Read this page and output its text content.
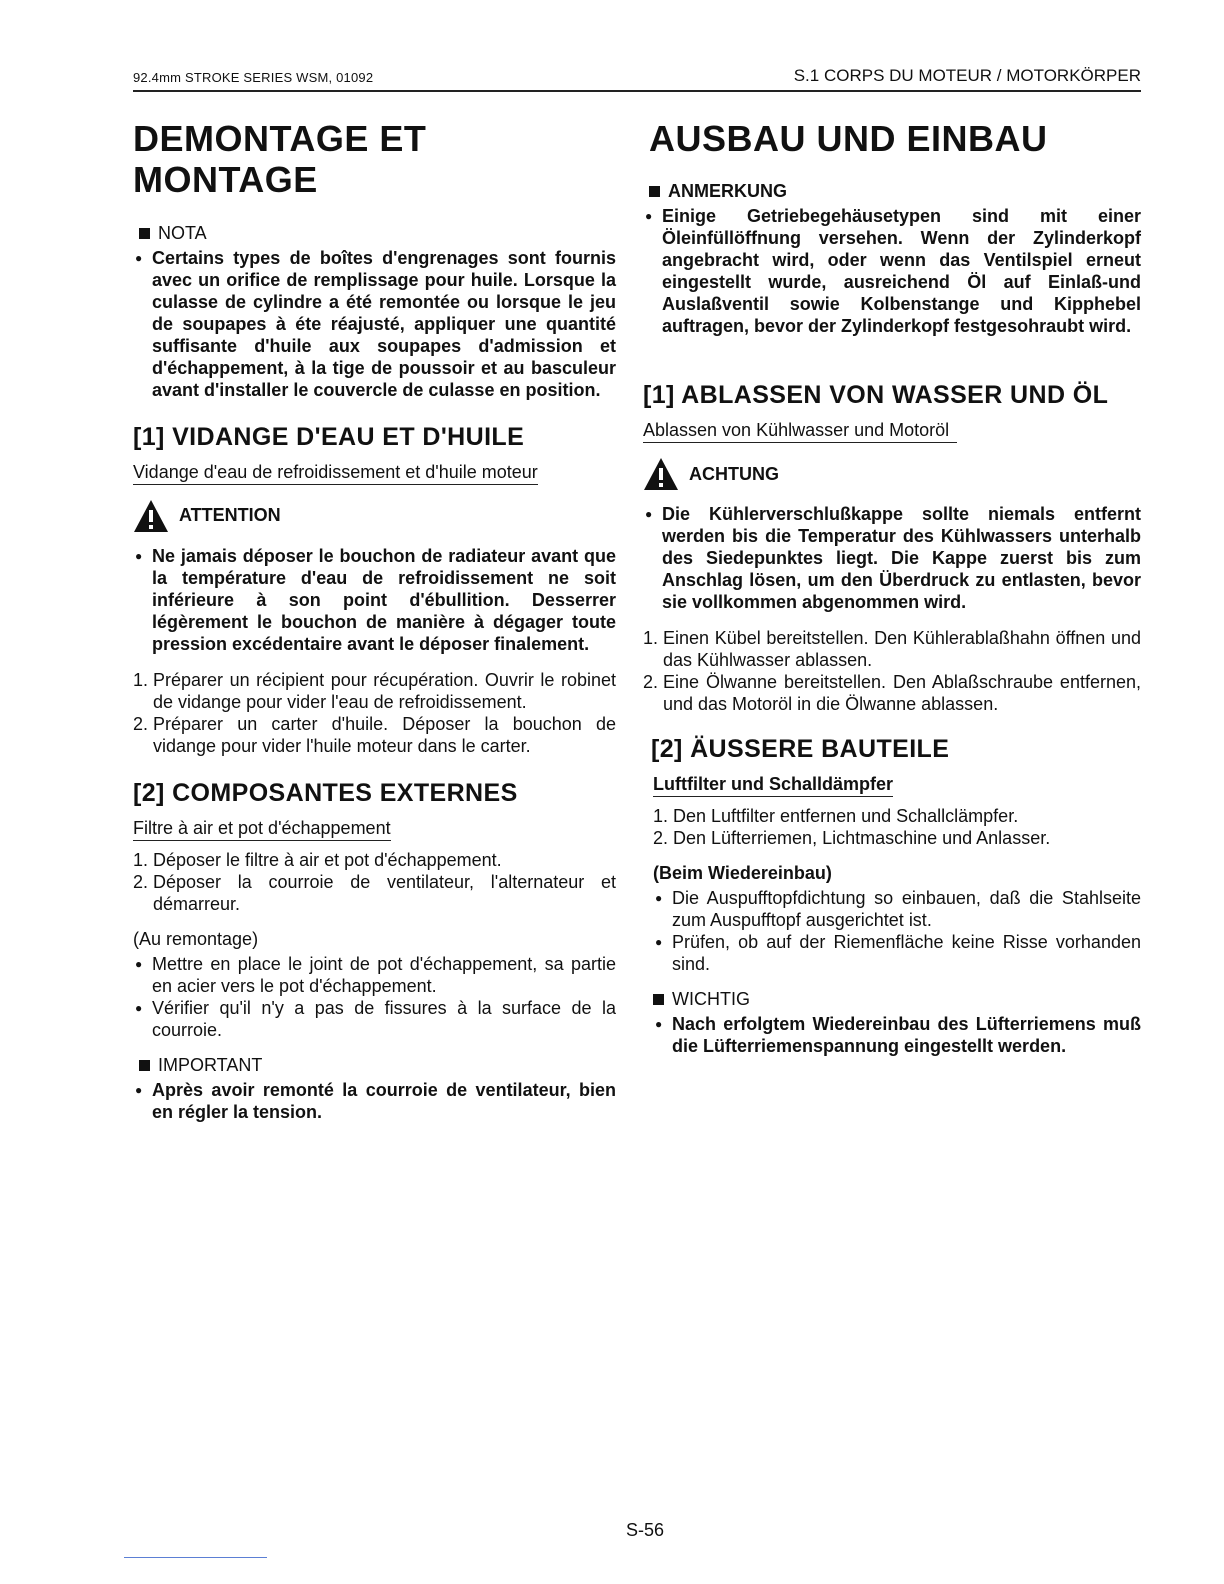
92.4mm STROKE SERIES WSM, 01092	S.1 CORPS DU MOTEUR / MOTORKÖRPER
DEMONTAGE ET MONTAGE
NOTA
● Certains types de boîtes d'engrenages sont fournis avec un orifice de remplissage pour huile. Lorsque la culasse de cylindre a été remontée ou lorsque le jeu de soupapes à éte réajusté, appliquer une quantité suffisante d'huile aux soupapes d'admission et d'échappement, à la tige de poussoir et au basculeur avant d'installer le couvercle de culasse en position.
[1] VIDANGE D'EAU ET D'HUILE
Vidange d'eau de refroidissement et d'huile moteur
ATTENTION
● Ne jamais déposer le bouchon de radiateur avant que la température d'eau de refroidissement ne soit inférieure à son point d'ébullition. Desserrer légèrement le bouchon de manière à dégager toute pression excédentaire avant le déposer finalement.
1. Préparer un récipient pour récupération. Ouvrir le robinet de vidange pour vider l'eau de refroidissement.
2. Préparer un carter d'huile. Déposer la bouchon de vidange pour vider l'huile moteur dans le carter.
[2] COMPOSANTES EXTERNES
Filtre à air et pot d'échappement
1. Déposer le filtre à air et pot d'échappement.
2. Déposer la courroie de ventilateur, l'alternateur et démarreur.
(Au remontage)
● Mettre en place le joint de pot d'échappement, sa partie en acier vers le pot d'échappement.
● Vérifier qu'il n'y a pas de fissures à la surface de la courroie.
IMPORTANT
● Après avoir remonté la courroie de ventilateur, bien en régler la tension.
AUSBAU UND EINBAU
ANMERKUNG
● Einige Getriebegehäusetypen sind mit einer Öleinfüllöffnung versehen. Wenn der Zylinderkopf angebracht wird, oder wenn das Ventilspiel erneut eingestellt wurde, ausreichend Öl auf Einlaß-und Auslaßventil sowie Kolbenstange und Kipphebel auftragen, bevor der Zylinderkopf festgesohraubt wird.
[1] ABLASSEN VON WASSER UND ÖL
Ablassen von Kühlwasser und Motoröl
ACHTUNG
● Die Kühlerverschlußkappe sollte niemals entfernt werden bis die Temperatur des Kühlwassers unterhalb des Siedepunktes liegt. Die Kappe zuerst bis zum Anschlag lösen, um den Überdruck zu entlasten, bevor sie vollkommen abgenommen wird.
1. Einen Kübel bereitstellen. Den Kühlerablaßhahn öffnen und das Kühlwasser ablassen.
2. Eine Ölwanne bereitstellen. Den Ablaßschraube entfernen, und das Motoröl in die Ölwanne ablassen.
[2] ÄUSSERE BAUTEILE
Luftfilter und Schalldämpfer
1. Den Luftfilter entfernen und Schallclämpfer.
2. Den Lüfterriemen, Lichtmaschine und Anlasser.
(Beim Wiedereinbau)
● Die Auspufftopfdichtung so einbauen, daß die Stahlseite zum Auspufftopf ausgerichtet ist.
● Prüfen, ob auf der Riemenfläche keine Risse vorhanden sind.
WICHTIG
● Nach erfolgtem Wiedereinbau des Lüfterriemens muß die Lüfterriemenspannung eingestellt werden.
S-56
